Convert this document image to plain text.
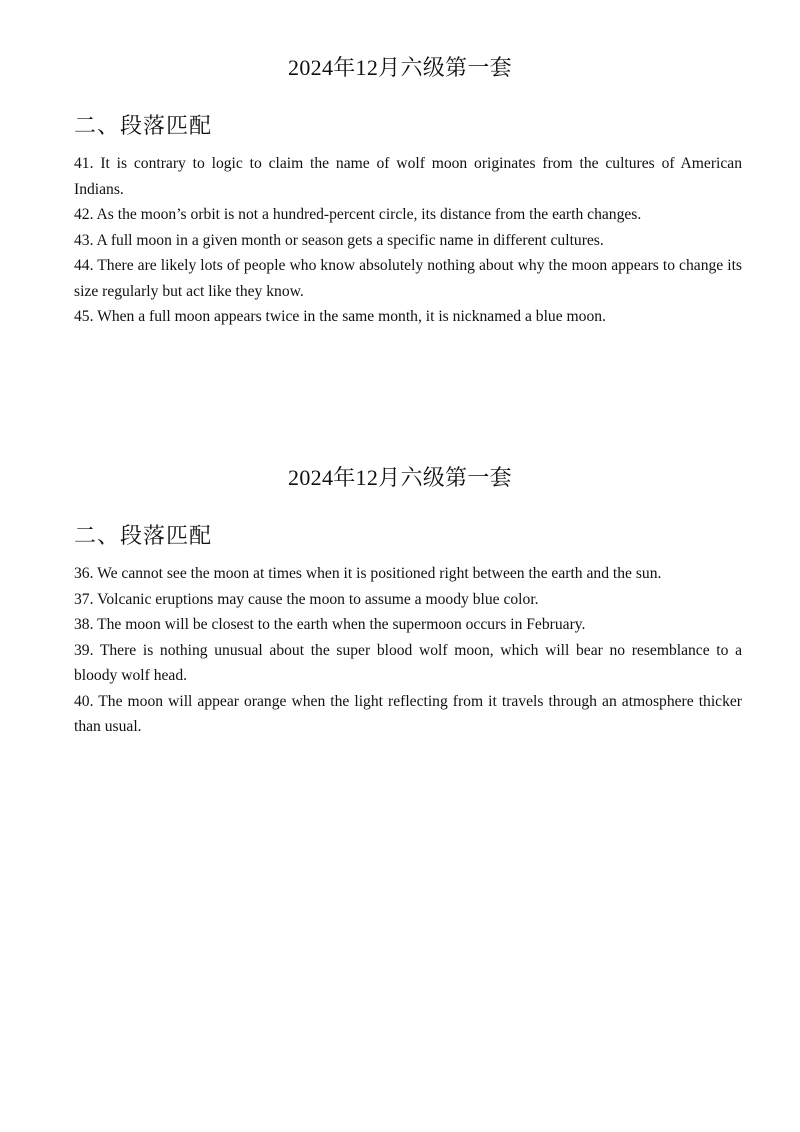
2024年12月六级第一套
二、段落匹配
41. It is contrary to logic to claim the name of wolf moon originates from the cultures of American Indians.
42. As the moon’s orbit is not a hundred-percent circle, its distance from the earth changes.
43. A full moon in a given month or season gets a specific name in different cultures.
44. There are likely lots of people who know absolutely nothing about why the moon appears to change its size regularly but act like they know.
45. When a full moon appears twice in the same month, it is nicknamed a blue moon.
2024年12月六级第一套
二、段落匹配
36. We cannot see the moon at times when it is positioned right between the earth and the sun.
37. Volcanic eruptions may cause the moon to assume a moody blue color.
38. The moon will be closest to the earth when the supermoon occurs in February.
39. There is nothing unusual about the super blood wolf moon, which will bear no resemblance to a bloody wolf head.
40. The moon will appear orange when the light reflecting from it travels through an atmosphere thicker than usual.
